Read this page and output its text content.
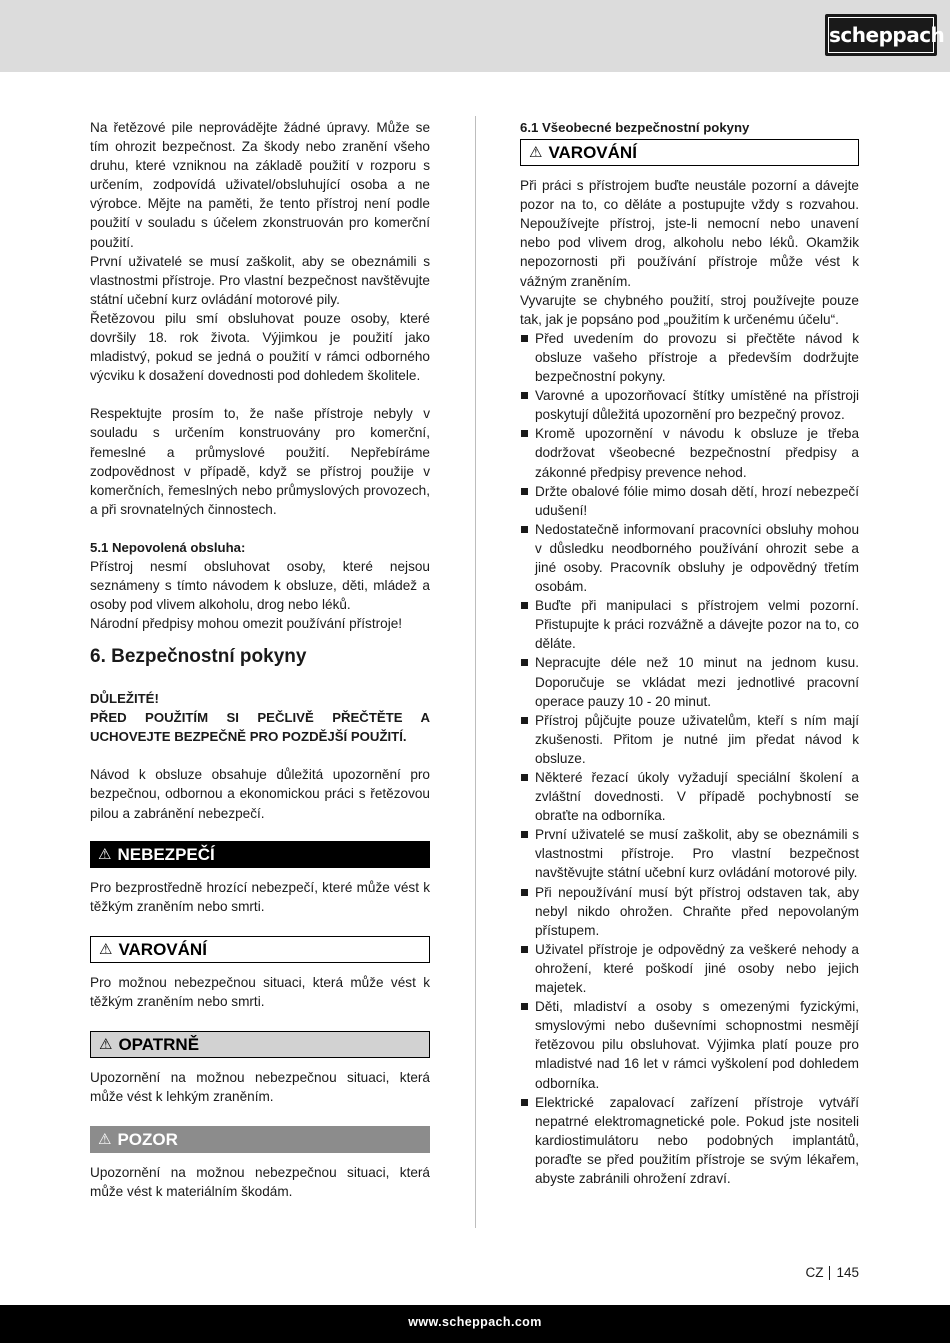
scheppach

Na řetězové pile neprovádějte žádné úpravy. Může se tím ohrozit bezpečnost. Za škody nebo zranění všeho druhu, které vzniknou na základě použití v rozporu s určením, zodpovídá uživatel/obsluhující osoba a ne výrobce. Mějte na paměti, že tento přístroj není podle použití v souladu s účelem zkonstruován pro komerční použití.

První uživatelé se musí zaškolit, aby se obeznámili s vlastnostmi přístroje. Pro vlastní bezpečnost navštěvujte státní učební kurz ovládání motorové pily.

Řetězovou pilu smí obsluhovat pouze osoby, které dovršily 18. rok života. Výjimkou je použití jako mladistvý, pokud se jedná o použití v rámci odborného výcviku k dosažení dovednosti pod dohledem školitele.

Respektujte prosím to, že naše přístroje nebyly v souladu s určením konstruovány pro komerční, řemeslné a průmyslové použití. Nepřebíráme zodpovědnost v případě, když se přístroj použije v komerčních, řemeslných nebo průmyslových provozech, a při srovnatelných činnostech.

5.1 Nepovolená obsluha:

Přístroj nesmí obsluhovat osoby, které nejsou seznámeny s tímto návodem k obsluze, děti, mládež a osoby pod vlivem alkoholu, drog nebo léků.

Národní předpisy mohou omezit používání přístroje!

6. Bezpečnostní pokyny
DŮLEŽITÉ!
PŘED POUŽITÍM SI PEČLIVĚ PŘEČTĚTE A UCHOVEJTE BEZPEČNĚ PRO POZDĚJŠÍ POUŽITÍ.

Návod k obsluze obsahuje důležitá upozornění pro bezpečnou, odbornou a ekonomickou práci s řetězovou pilou a zabránění nebezpečí.

⚠ NEBEZPEČÍ

Pro bezprostředně hrozící nebezpečí, které může vést k těžkým zraněním nebo smrti.

⚠ VAROVÁNÍ

Pro možnou nebezpečnou situaci, která může vést k těžkým zraněním nebo smrti.

⚠ OPATRNĚ

Upozornění na možnou nebezpečnou situaci, která může vést k lehkým zraněním.

⚠ POZOR

Upozornění na možnou nebezpečnou situaci, která může vést k materiálním škodám.

6.1 Všeobecné bezpečnostní pokyny

⚠ VAROVÁNÍ

Při práci s přístrojem buďte neustále pozorní a dávejte pozor na to, co děláte a postupujte vždy s rozvahou. Nepoužívejte přístroj, jste-li nemocní nebo unavení nebo pod vlivem drog, alkoholu nebo léků. Okamžik nepozornosti při používání přístroje může vést k vážným zraněním.

Vyvarujte se chybného použití, stroj používejte pouze tak, jak je popsáno pod „použitím k určenému účelu“.

Před uvedením do provozu si přečtěte návod k obsluze vašeho přístroje a především dodržujte bezpečnostní pokyny.
Varovné a upozorňovací štítky umístěné na přístroji poskytují důležitá upozornění pro bezpečný provoz.
Kromě upozornění v návodu k obsluze je třeba dodržovat všeobecné bezpečnostní předpisy a zákonné předpisy prevence nehod.
Držte obalové fólie mimo dosah dětí, hrozí nebezpečí udušení!
Nedostatečně informovaní pracovníci obsluhy mohou v důsledku neodborného používání ohrozit sebe a jiné osoby. Pracovník obsluhy je odpovědný třetím osobám.
Buďte při manipulaci s přístrojem velmi pozorní. Přistupujte k práci rozvážně a dávejte pozor na to, co děláte.
Nepracujte déle než 10 minut na jednom kusu. Doporučuje se vkládat mezi jednotlivé pracovní operace pauzy 10 - 20 minut.
Přístroj půjčujte pouze uživatelům, kteří s ním mají zkušenosti. Přitom je nutné jim předat návod k obsluze.
Některé řezací úkoly vyžadují speciální školení a zvláštní dovednosti. V případě pochybností se obraťte na odborníka.
První uživatelé se musí zaškolit, aby se obeznámili s vlastnostmi přístroje. Pro vlastní bezpečnost navštěvujte státní učební kurz ovládání motorové pily.
Při nepoužívání musí být přístroj odstaven tak, aby nebyl nikdo ohrožen. Chraňte před nepovolaným přístupem.
Uživatel přístroje je odpovědný za veškeré nehody a ohrožení, které poškodí jiné osoby nebo jejich majetek.
Děti, mladiství a osoby s omezenými fyzickými, smyslovými nebo duševními schopnostmi nesmějí řetězovou pilu obsluhovat. Výjimka platí pouze pro mladistvé nad 16 let v rámci vyškolení pod dohledem odborníka.
Elektrické zapalovací zařízení přístroje vytváří nepatrné elektromagnetické pole. Pokud jste nositeli kardiostimulátoru nebo podobných implantátů, poraďte se před použitím přístroje se svým lékařem, abyste zabránili ohrožení zdraví.
CZ 145
www.scheppach.com
